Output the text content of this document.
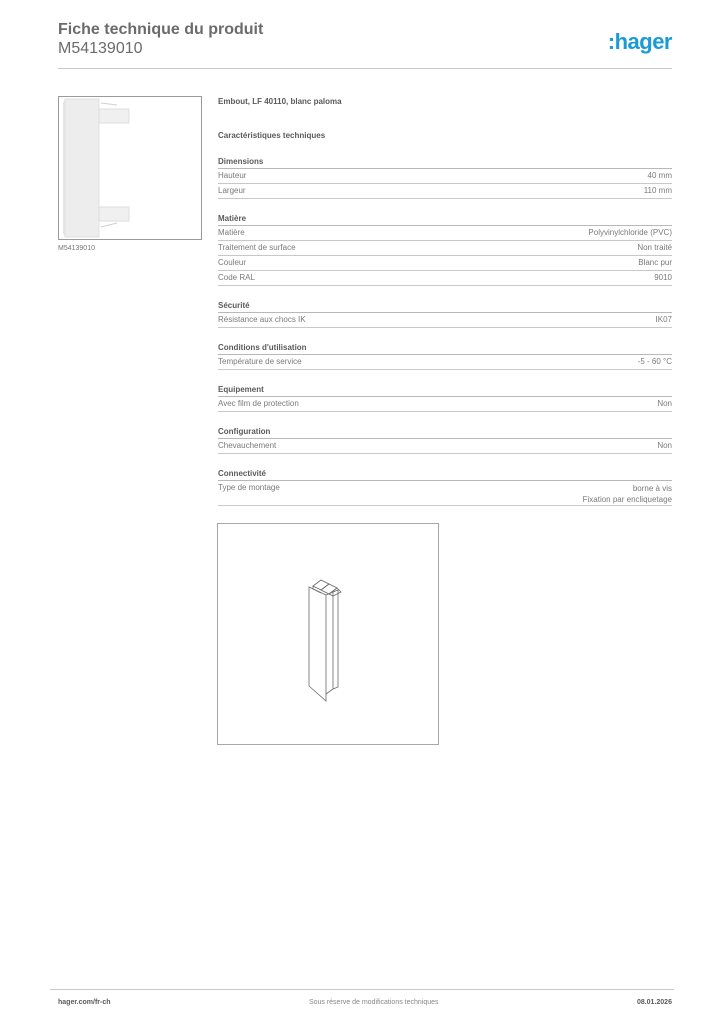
Fiche technique du produit
M54139010	:hager
M54139010
Embout, LF 40110, blanc paloma
Caractéristiques techniques
Dimensions
Hauteur	40 mm
Largeur	110 mm
Matière
Matière	Polyvinylchloride (PVC)
Traitement de surface	Non traité
Couleur	Blanc pur
Code RAL	9010
Sécurité
Résistance aux chocs IK	IK07
Conditions d'utilisation
Température de service	-5 - 60 °C
Equipement
Avec film de protection	Non
Configuration
Chevauchement	Non
Connectivité
Type de montage	borne à vis
Fixation par encliquetage
hager.com/fr-ch	Sous réserve de modifications techniques	08.01.2026
